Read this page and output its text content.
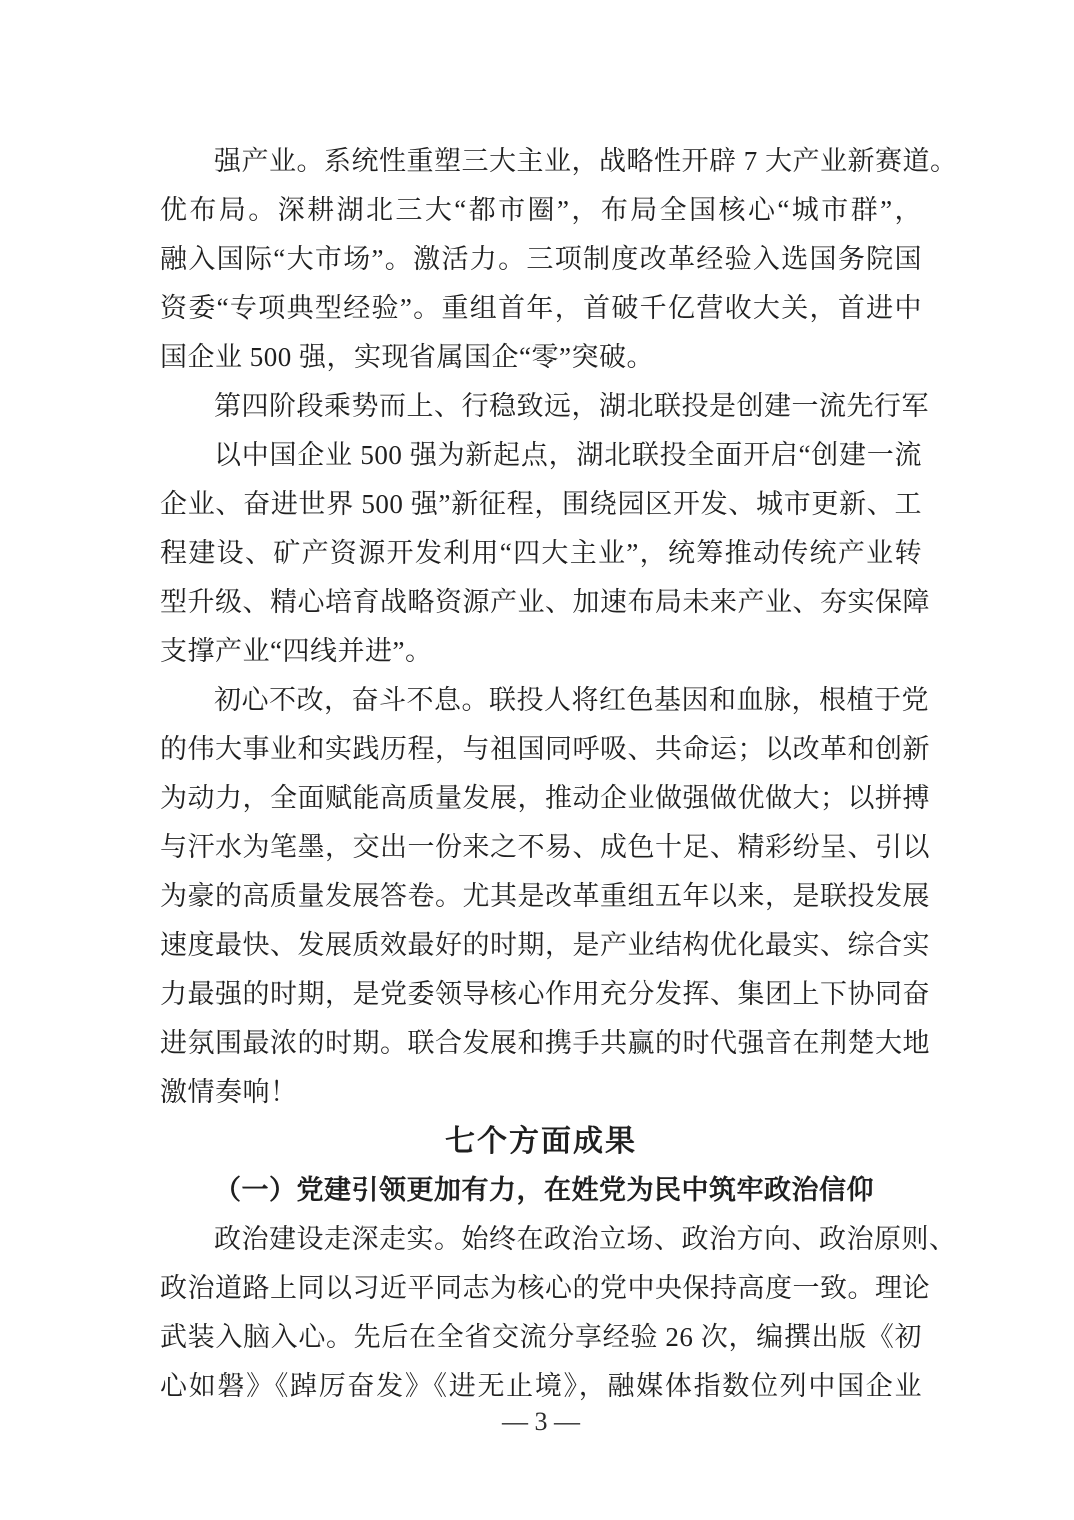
强产业。系统性重塑三大主业，战略性开辟 7 大产业新赛道。
优布局。深耕湖北三大“都市圈”，布局全国核心“城市群”，
融入国际“大市场”。激活力。三项制度改革经验入选国务院国
资委“专项典型经验”。重组首年，首破千亿营收大关，首进中
国企业 500 强，实现省属国企“零”突破。
第四阶段乘势而上、行稳致远，湖北联投是创建一流先行军
以中国企业 500 强为新起点，湖北联投全面开启“创建一流
企业、奋进世界 500 强”新征程，围绕园区开发、城市更新、工
程建设、矿产资源开发利用“四大主业”，统筹推动传统产业转
型升级、精心培育战略资源产业、加速布局未来产业、夯实保障
支撑产业“四线并进”。
初心不改，奋斗不息。联投人将红色基因和血脉，根植于党
的伟大事业和实践历程，与祖国同呼吸、共命运；以改革和创新
为动力，全面赋能高质量发展，推动企业做强做优做大；以拼搏
与汗水为笔墨，交出一份来之不易、成色十足、精彩纷呈、引以
为豪的高质量发展答卷。尤其是改革重组五年以来，是联投发展
速度最快、发展质效最好的时期，是产业结构优化最实、综合实
力最强的时期，是党委领导核心作用充分发挥、集团上下协同奋
进氛围最浓的时期。联合发展和携手共赢的时代强音在荆楚大地
激情奏响！
七个方面成果
（一）党建引领更加有力，在姓党为民中筑牢政治信仰
政治建设走深走实。始终在政治立场、政治方向、政治原则、
政治道路上同以习近平同志为核心的党中央保持高度一致。理论
武装入脑入心。先后在全省交流分享经验 26 次，编撰出版《初
心如磐》《踔厉奋发》《进无止境》，融媒体指数位列中国企业
— 3 —
